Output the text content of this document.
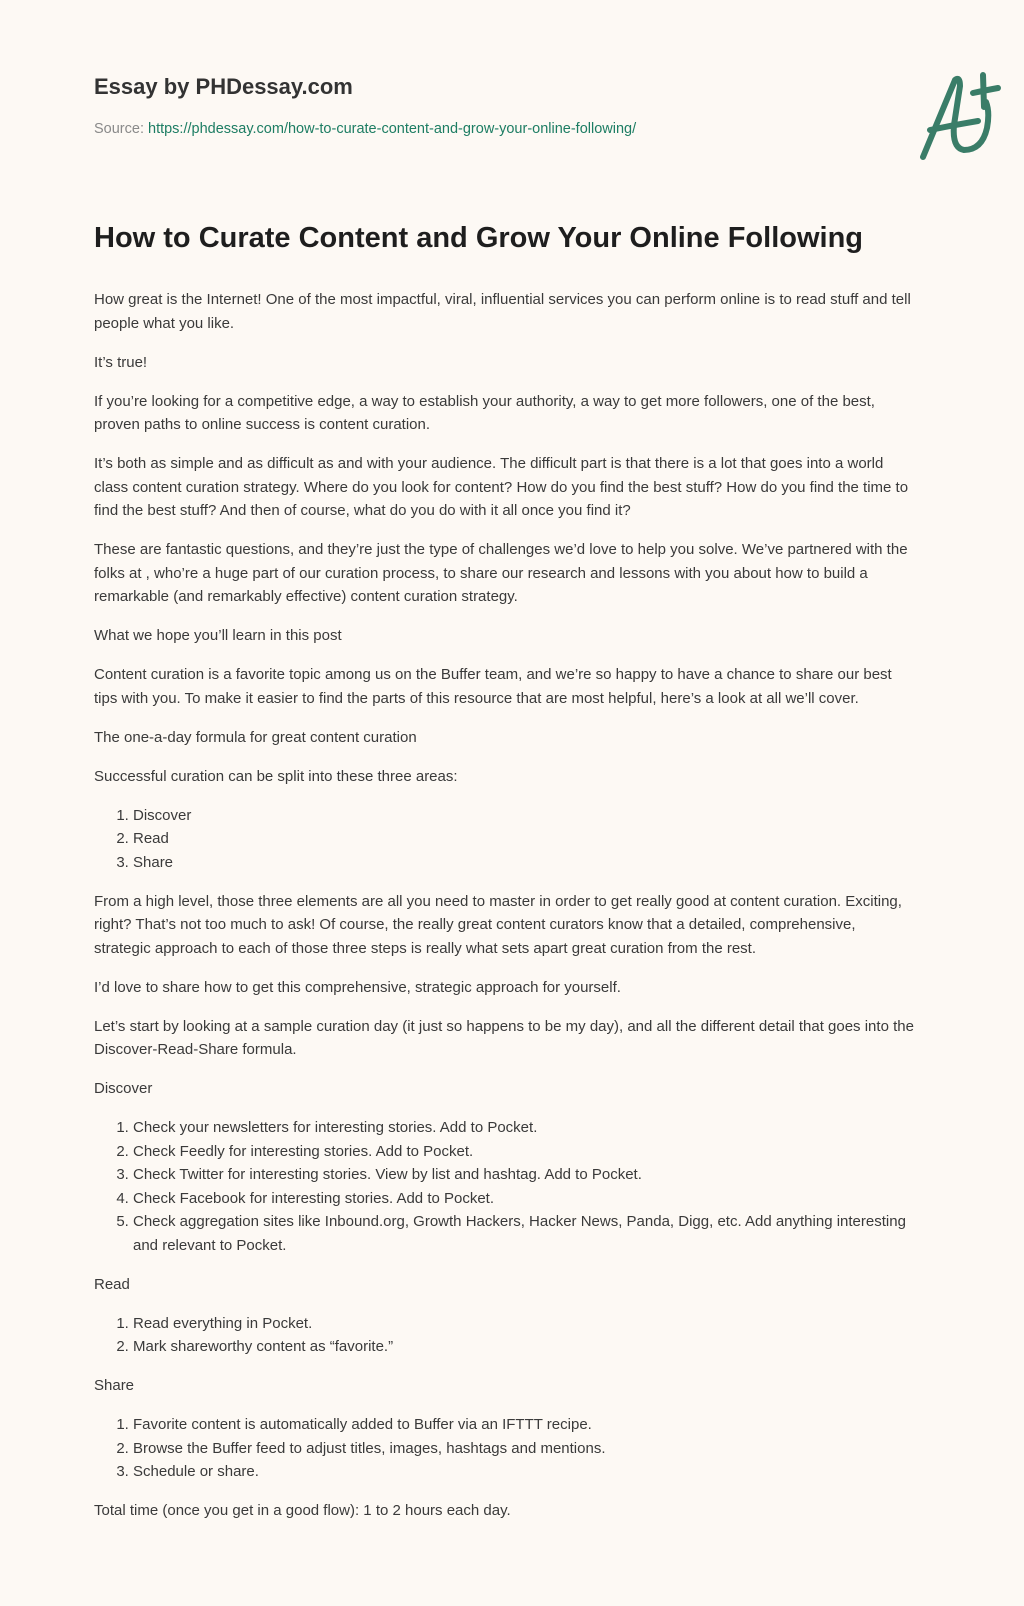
Essay by PHDessay.com
Source: https://phdessay.com/how-to-curate-content-and-grow-your-online-following/
How to Curate Content and Grow Your Online Following

How great is the Internet! One of the most impactful, viral, influential services you can perform online is to read stuff and tell people what you like.

It’s true!

If you’re looking for a competitive edge, a way to establish your authority, a way to get more followers, one of the best, proven paths to online success is content curation.

It’s both as simple and as difficult as and with your audience. The difficult part is that there is a lot that goes into a world class content curation strategy. Where do you look for content? How do you find the best stuff? How do you find the time to find the best stuff? And then of course, what do you do with it all once you find it?

These are fantastic questions, and they’re just the type of challenges we’d love to help you solve. We’ve partnered with the folks at , who’re a huge part of our curation process, to share our research and lessons with you about how to build a remarkable (and remarkably effective) content curation strategy.

What we hope you’ll learn in this post

Content curation is a favorite topic among us on the Buffer team, and we’re so happy to have a chance to share our best tips with you. To make it easier to find the parts of this resource that are most helpful, here’s a look at all we’ll cover.

The one-a-day formula for great content curation

Successful curation can be split into these three areas:

1. Discover
2. Read
3. Share

From a high level, those three elements are all you need to master in order to get really good at content curation. Exciting, right? That’s not too much to ask! Of course, the really great content curators know that a detailed, comprehensive, strategic approach to each of those three steps is really what sets apart great curation from the rest.

I’d love to share how to get this comprehensive, strategic approach for yourself.

Let’s start by looking at a sample curation day (it just so happens to be my day), and all the different detail that goes into the Discover-Read-Share formula.

Discover

1. Check your newsletters for interesting stories. Add to Pocket.
2. Check Feedly for interesting stories. Add to Pocket.
3. Check Twitter for interesting stories. View by list and hashtag. Add to Pocket.
4. Check Facebook for interesting stories. Add to Pocket.
5. Check aggregation sites like Inbound.org, Growth Hackers, Hacker News, Panda, Digg, etc. Add anything interesting and relevant to Pocket.

Read

1. Read everything in Pocket.
2. Mark shareworthy content as “favorite.”

Share

1. Favorite content is automatically added to Buffer via an IFTTT recipe.
2. Browse the Buffer feed to adjust titles, images, hashtags and mentions.
3. Schedule or share.

Total time (once you get in a good flow): 1 to 2 hours each day.
